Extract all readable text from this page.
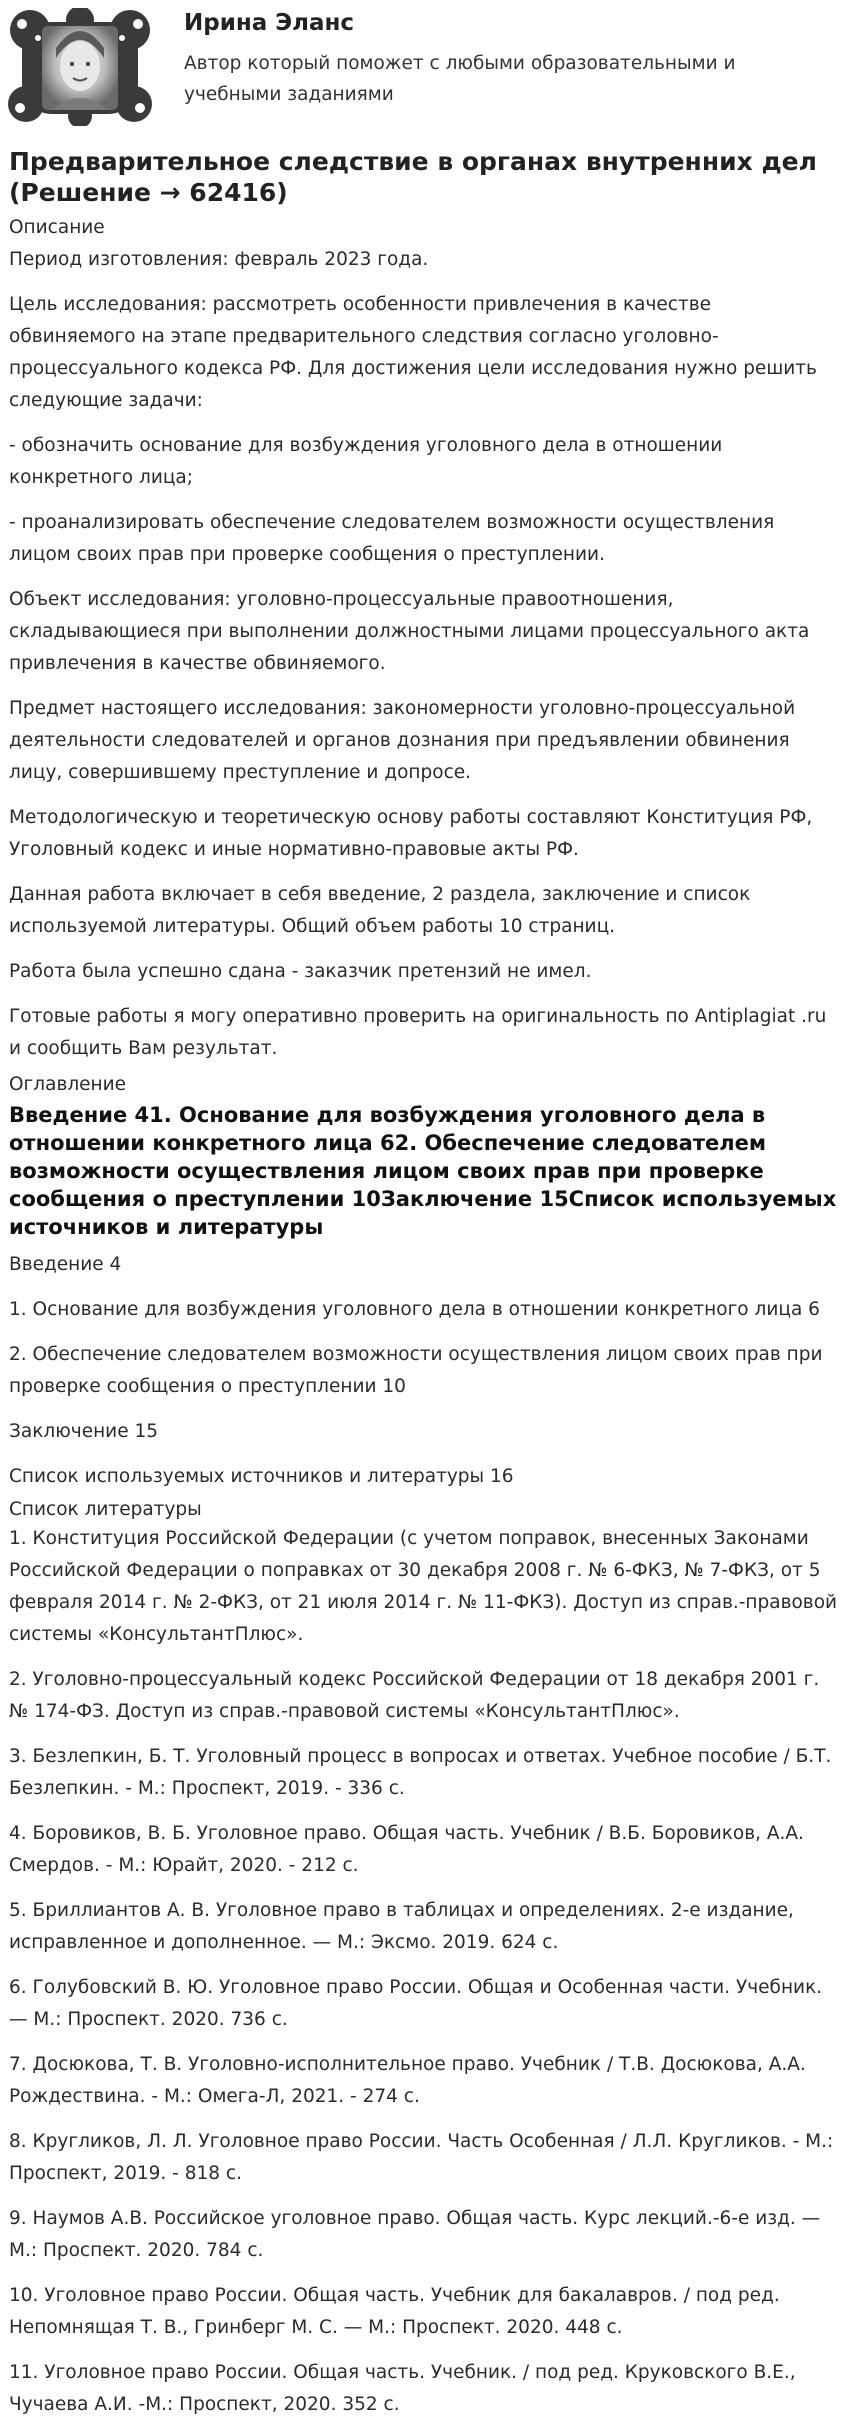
Ирина Эланс
Автор который поможет с любыми образовательными и учебными заданиями
Предварительное следствие в органах внутренних дел (Решение → 62416)
Описание
Период изготовления: февраль 2023 года.
Цель исследования: рассмотреть особенности привлечения в качестве обвиняемого на этапе предварительного следствия согласно уголовно-процессуального кодекса РФ. Для достижения цели исследования нужно решить следующие задачи:
- обозначить основание для возбуждения уголовного дела в отношении конкретного лица;
- проанализировать обеспечение следователем возможности осуществления лицом своих прав при проверке сообщения о преступлении.
Объект исследования: уголовно-процессуальные правоотношения, складывающиеся при выполнении должностными лицами процессуального акта привлечения в качестве обвиняемого.
Предмет настоящего исследования: закономерности уголовно-процессуальной деятельности следователей и органов дознания при предъявлении обвинения лицу, совершившему преступление и допросе.
Методологическую и теоретическую основу работы составляют Конституция РФ, Уголовный кодекс и иные нормативно-правовые акты РФ.
Данная работа включает в себя введение, 2 раздела, заключение и список используемой литературы. Общий объем работы 10 страниц.
Работа была успешно сдана - заказчик претензий не имел.
Готовые работы я могу оперативно проверить на оригинальность по Antiplagiat .ru и сообщить Вам результат.
Оглавление
Введение 41. Основание для возбуждения уголовного дела в отношении конкретного лица 62. Обеспечение следователем возможности осуществления лицом своих прав при проверке сообщения о преступлении 10Заключение 15Список используемых источников и литературы
Введение 4
1. Основание для возбуждения уголовного дела в отношении конкретного лица 6
2. Обеспечение следователем возможности осуществления лицом своих прав при проверке сообщения о преступлении 10
Заключение 15
Список используемых источников и литературы 16
Список литературы
1. Конституция Российской Федерации (с учетом поправок, внесенных Законами Российской Федерации о поправках от 30 декабря 2008 г. № 6-ФКЗ, № 7-ФКЗ, от 5 февраля 2014 г. № 2-ФКЗ, от 21 июля 2014 г. № 11-ФКЗ). Доступ из справ.-правовой системы «КонсультантПлюс».
2. Уголовно-процессуальный кодекс Российской Федерации от 18 декабря 2001 г. № 174-ФЗ. Доступ из справ.-правовой системы «КонсультантПлюс».
3. Безлепкин, Б. Т. Уголовный процесс в вопросах и ответах. Учебное пособие / Б.Т. Безлепкин. - М.: Проспект, 2019. - 336 с.
4. Боровиков, В. Б. Уголовное право. Общая часть. Учебник / В.Б. Боровиков, А.А. Смердов. - М.: Юрайт, 2020. - 212 с.
5. Бриллиантов А. В. Уголовное право в таблицах и определениях. 2-е издание, исправленное и дополненное. — М.: Эксмо. 2019. 624 с.
6. Голубовский В. Ю. Уголовное право России. Общая и Особенная части. Учебник. — М.: Проспект. 2020. 736 с.
7. Досюкова, Т. В. Уголовно-исполнительное право. Учебник / Т.В. Досюкова, А.А. Рождествина. - М.: Омега-Л, 2021. - 274 с.
8. Кругликов, Л. Л. Уголовное право России. Часть Особенная / Л.Л. Кругликов. - М.: Проспект, 2019. - 818 с.
9. Наумов А.В. Российское уголовное право. Общая часть. Курс лекций.-6-е изд. — М.: Проспект. 2020. 784 с.
10. Уголовное право России. Общая часть. Учебник для бакалавров. / под ред. Непомнящая Т. В., Гринберг М. С. — М.: Проспект. 2020. 448 с.
11. Уголовное право России. Общая часть. Учебник. / под ред. Круковского В.Е., Чучаева А.И. -М.: Проспект, 2020. 352 с.
